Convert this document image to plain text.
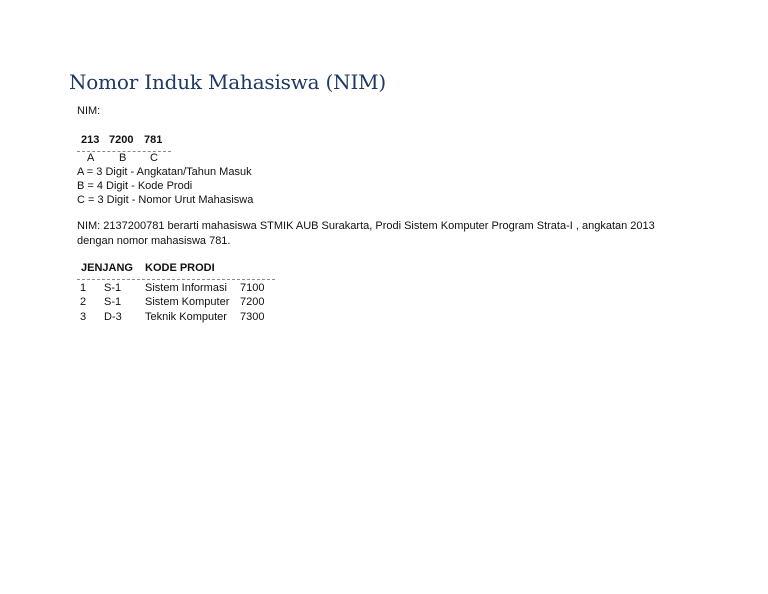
Nomor Induk Mahasiswa (NIM)
NIM:
213 7200 781
A B C
A = 3 Digit - Angkatan/Tahun Masuk
B = 4 Digit - Kode Prodi
C = 3 Digit - Nomor Urut Mahasiswa
NIM: 2137200781 berarti mahasiswa STMIK AUB Surakarta, Prodi Sistem Komputer Program Strata-I , angkatan 2013
dengan nomor mahasiswa 781.
JENJANG KODE PRODI
1 S-1 Sistem Informasi 7100
2 S-1 Sistem Komputer 7200
3 D-3 Teknik Komputer 7300
